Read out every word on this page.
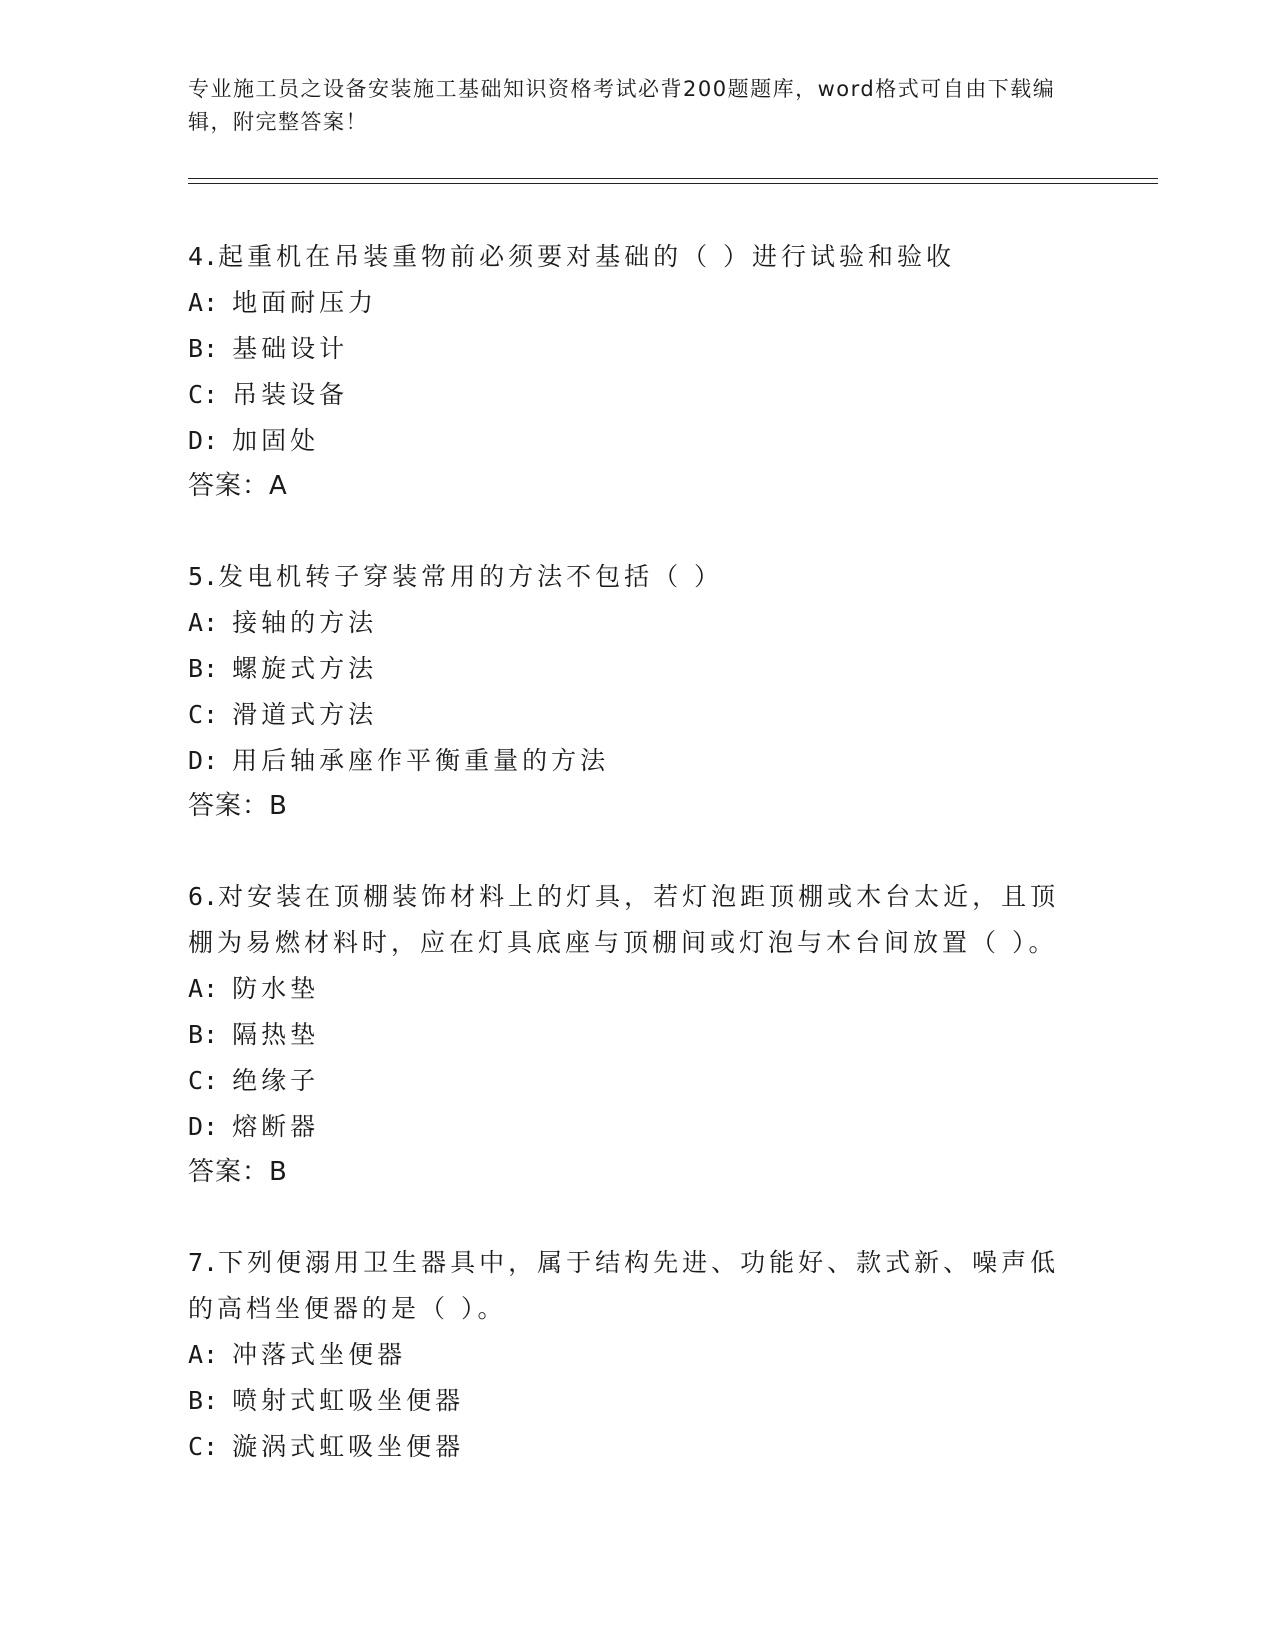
专业施工员之设备安装施工基础知识资格考试必背200题题库，word格式可自由下载编辑，附完整答案！
4.起重机在吊装重物前必须要对基础的（ ）进行试验和验收
A: 地面耐压力
B: 基础设计
C: 吊装设备
D: 加固处
答案：A
5.发电机转子穿装常用的方法不包括（ ）
A: 接轴的方法
B: 螺旋式方法
C: 滑道式方法
D: 用后轴承座作平衡重量的方法
答案：B
6.对安装在顶棚装饰材料上的灯具，若灯泡距顶棚或木台太近，且顶棚为易燃材料时，应在灯具底座与顶棚间或灯泡与木台间放置（ ）。
A: 防水垫
B: 隔热垫
C: 绝缘子
D: 熔断器
答案：B
7.下列便溺用卫生器具中，属于结构先进、功能好、款式新、噪声低的高档坐便器的是（ ）。
A: 冲落式坐便器
B: 喷射式虹吸坐便器
C: 漩涡式虹吸坐便器
